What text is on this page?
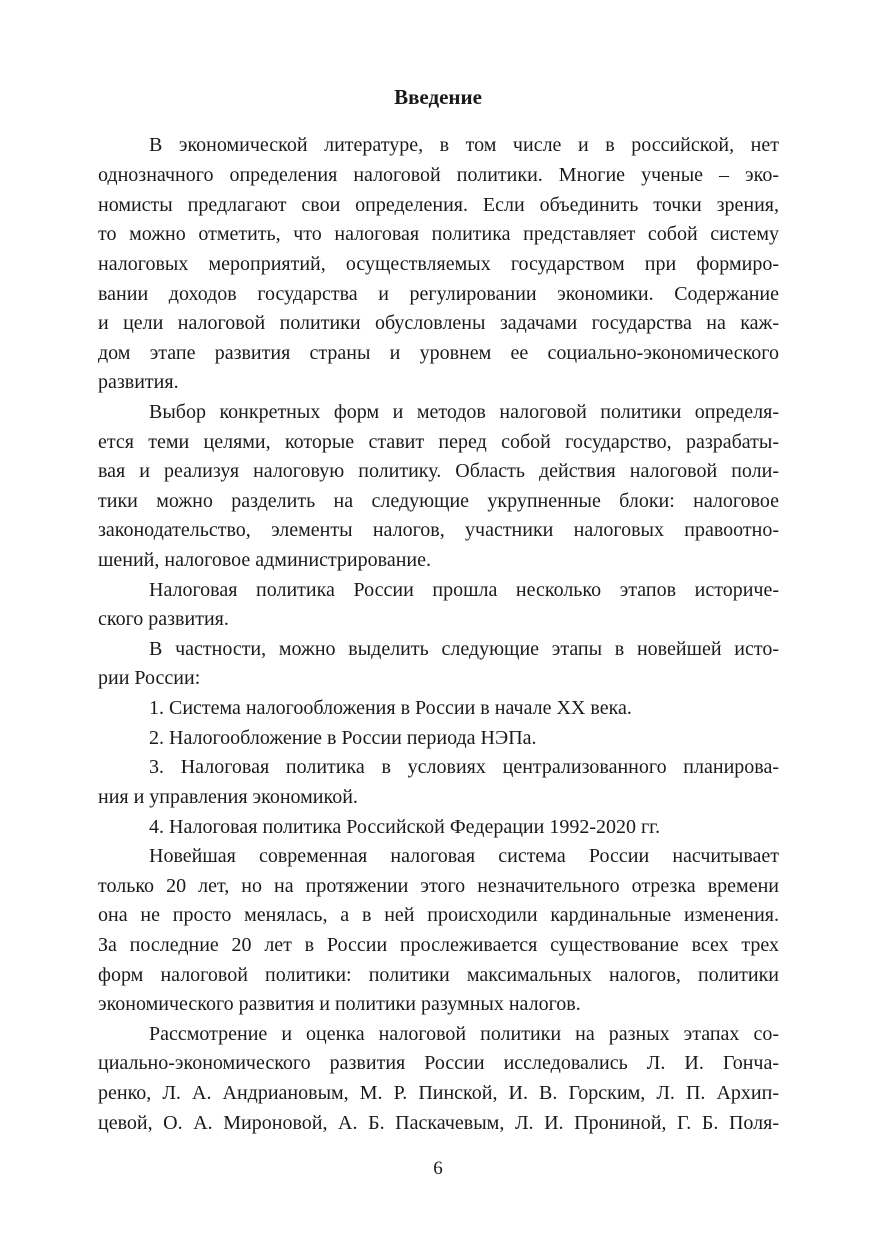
Введение

В экономической литературе, в том числе и в российской, нет

однозначного определения налоговой политики. Многие ученые – эко-

номисты предлагают свои определения. Если объединить точки зрения,

то можно отметить, что налоговая политика представляет собой систему

налоговых мероприятий, осуществляемых государством при формиро-

вании доходов государства и регулировании экономики. Содержание

и цели налоговой политики обусловлены задачами государства на каж-

дом этапе развития страны и уровнем ее социально-экономического

развития.

Выбор конкретных форм и методов налоговой политики определя-

ется теми целями, которые ставит перед собой государство, разрабаты-

вая и реализуя налоговую политику. Область действия налоговой поли-

тики можно разделить на следующие укрупненные блоки: налоговое

законодательство, элементы налогов, участники налоговых правоотно-

шений, налоговое администрирование.

Налоговая политика России прошла несколько этапов историче-

ского развития.

В частности, можно выделить следующие этапы в новейшей исто-

рии России:

1. Система налогообложения в России в начале XX века.

2. Налогообложение в России периода НЭПа.

3. Налоговая политика в условиях централизованного планирова-

ния и управления экономикой.

4. Налоговая политика Российской Федерации 1992-2020 гг.

Новейшая современная налоговая система России насчитывает

только 20 лет, но на протяжении этого незначительного отрезка времени

она не просто менялась, а в ней происходили кардинальные изменения.

За последние 20 лет в России прослеживается существование всех трех

форм налоговой политики: политики максимальных налогов, политики

экономического развития и политики разумных налогов.

Рассмотрение и оценка налоговой политики на разных этапах со-

циально-экономического развития России исследовались Л. И. Гонча-

ренко, Л. А. Андриановым, М. Р. Пинской, И. В. Горским, Л. П. Архип-

цевой, О. А. Мироновой, А. Б. Паскачевым, Л. И. Прониной, Г. Б. Поля-

6
